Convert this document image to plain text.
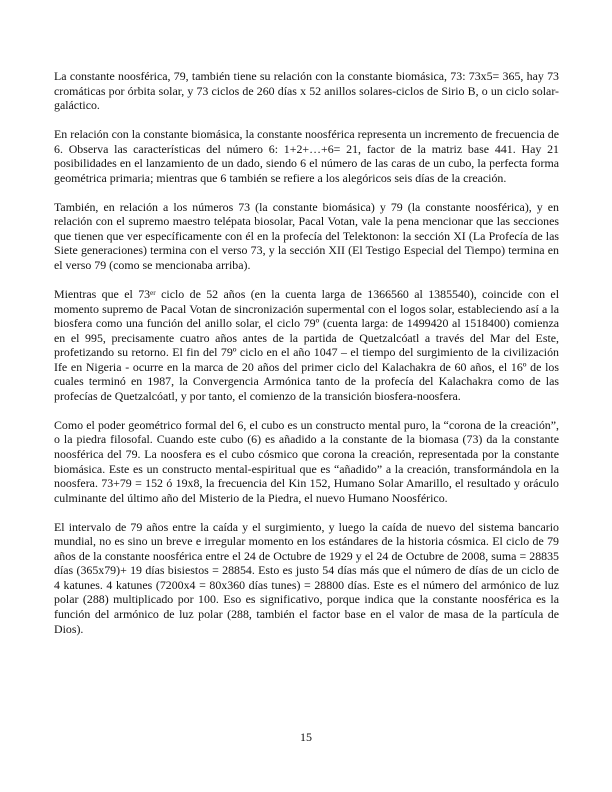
La constante noosférica, 79, también tiene su relación con la constante biomásica, 73: 73x5= 365, hay 73 cromáticas por órbita solar, y 73 ciclos de 260 días x 52 anillos solares-ciclos de Sirio B, o un ciclo solar-galáctico.

En relación con la constante biomásica, la constante noosférica representa un incremento de frecuencia de 6. Observa las características del número 6: 1+2+…+6= 21, factor de la matriz base 441. Hay 21 posibilidades en el lanzamiento de un dado, siendo 6 el número de las caras de un cubo, la perfecta forma geométrica primaria; mientras que 6 también se refiere a los alegóricos seis días de la creación.

También, en relación a los números 73 (la constante biomásica) y 79 (la constante noosférica), y en relación con el supremo maestro telépata biosolar, Pacal Votan, vale la pena mencionar que las secciones que tienen que ver específicamente con él en la profecía del Telektonon: la sección XI (La Profecía de las Siete generaciones) termina con el verso 73, y la sección XII (El Testigo Especial del Tiempo) termina en el verso 79 (como se mencionaba arriba).

Mientras que el 73ᵉʳ ciclo de 52 años (en la cuenta larga de 1366560 al 1385540), coincide con el momento supremo de Pacal Votan de sincronización supermental con el logos solar, estableciendo así a la biosfera como una función del anillo solar, el ciclo 79º (cuenta larga: de 1499420 al 1518400) comienza en el 995, precisamente cuatro años antes de la partida de Quetzalcóatl a través del Mar del Este, profetizando su retorno. El fin del 79º ciclo en el año 1047 – el tiempo del surgimiento de la civilización Ife en Nigeria - ocurre en la marca de 20 años del primer ciclo del Kalachakra de 60 años, el 16º de los cuales terminó en 1987, la Convergencia Armónica tanto de la profecía del Kalachakra como de las profecías de Quetzalcóatl, y por tanto, el comienzo de la transición biosfera-noosfera.

Como el poder geométrico formal del 6, el cubo es un constructo mental puro, la “corona de la creación”, o la piedra filosofal. Cuando este cubo (6) es añadido a la constante de la biomasa (73) da la constante noosférica del 79. La noosfera es el cubo cósmico que corona la creación, representada por la constante biomásica. Este es un constructo mental-espiritual que es “añadido” a la creación, transformándola en la noosfera. 73+79 = 152 ó 19x8, la frecuencia del Kin 152, Humano Solar Amarillo, el resultado y oráculo culminante del último año del Misterio de la Piedra, el nuevo Humano Noosférico.

El intervalo de 79 años entre la caída y el surgimiento, y luego la caída de nuevo del sistema bancario mundial, no es sino un breve e irregular momento en los estándares de la historia cósmica. El ciclo de 79 años de la constante noosférica entre el 24 de Octubre de 1929 y el 24 de Octubre de 2008, suma = 28835 días (365x79)+ 19 días bisiestos = 28854. Esto es justo 54 días más que el número de días de un ciclo de 4 katunes. 4 katunes (7200x4 = 80x360 días tunes) = 28800 días. Este es el número del armónico de luz polar (288) multiplicado por 100. Eso es significativo, porque indica que la constante noosférica es la función del armónico de luz polar (288, también el factor base en el valor de masa de la partícula de Dios).

15
